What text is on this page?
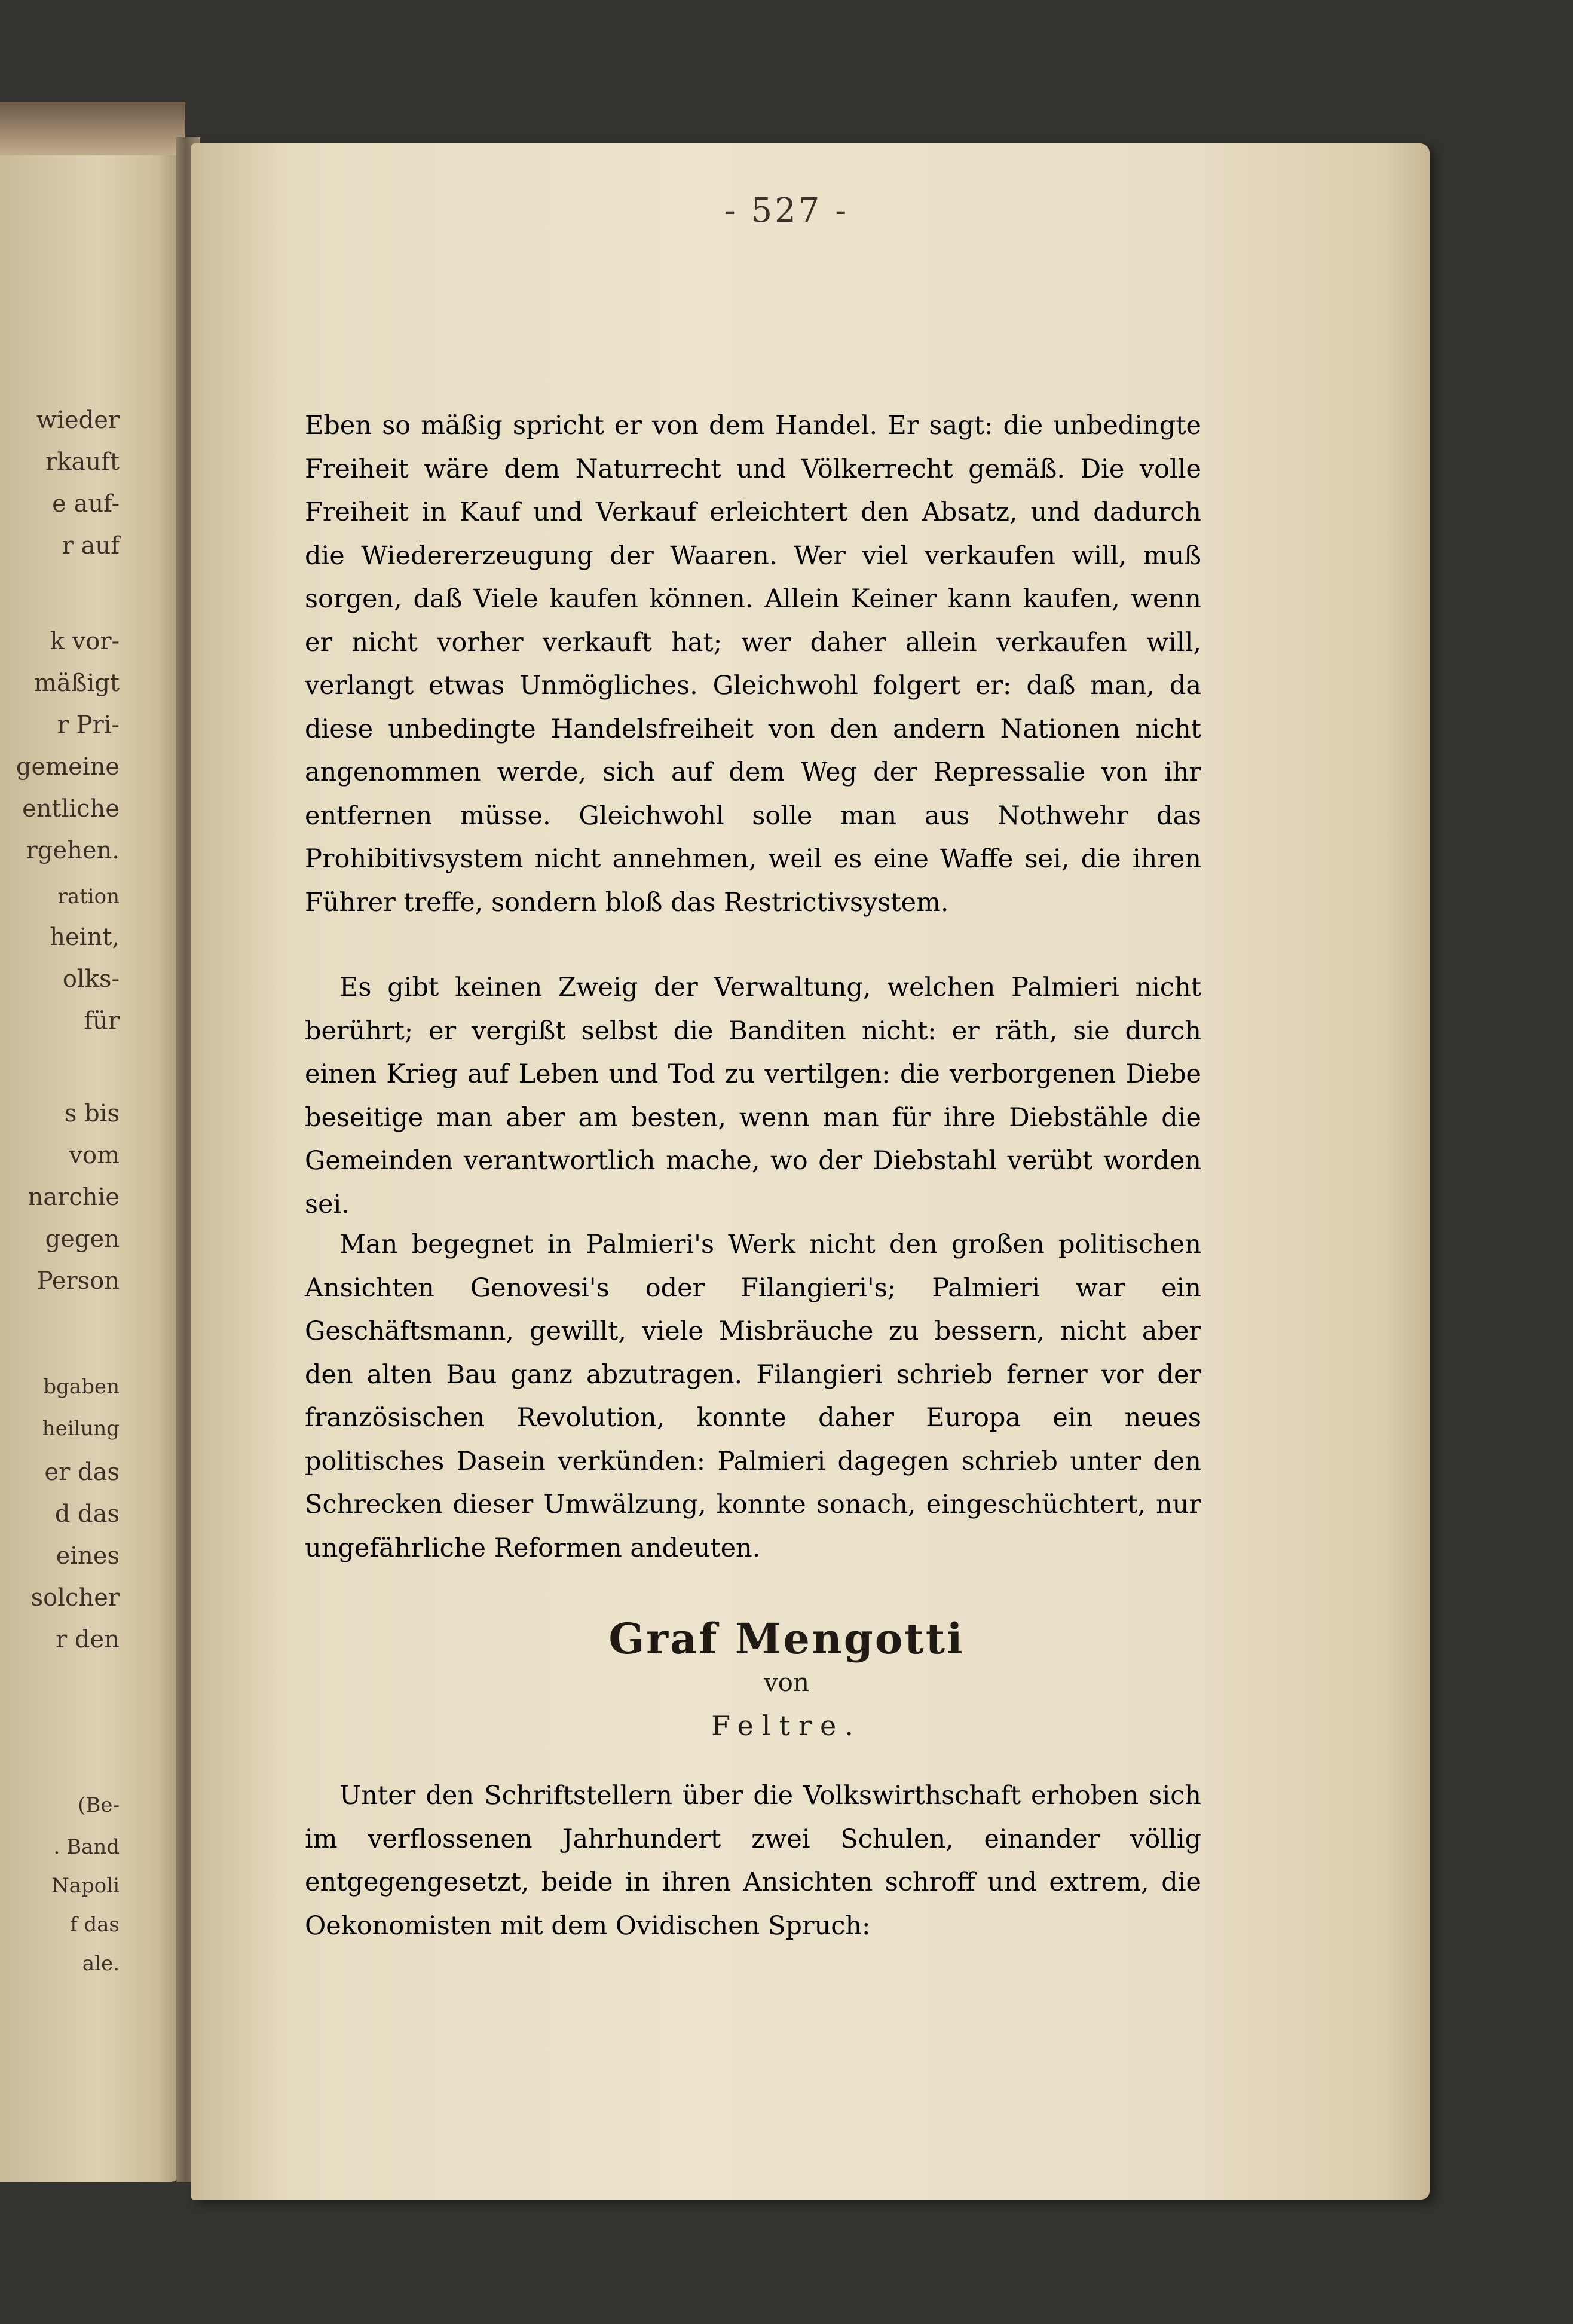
wieder
rkauft
e auf-
r auf
k vor-
mäßigt
r Pri-
gemeine
entliche
rgehen.
ration
heint,
olks-
für
s bis
vom
narchie
gegen
Person
bgaben
heilung
er das
d das
eines
solcher
r den
(Be-
. Band
Napoli
f das
ale.
- 527 -

Eben so mäßig spricht er von dem Handel. Er sagt: die unbedingte Freiheit wäre dem Naturrecht und Völkerrecht gemäß. Die volle Freiheit in Kauf und Verkauf erleichtert den Absatz, und dadurch die Wiedererzeugung der Waaren. Wer viel verkaufen will, muß sorgen, daß Viele kaufen können. Allein Keiner kann kaufen, wenn er nicht vorher verkauft hat; wer daher allein verkaufen will, verlangt etwas Unmögliches. Gleichwohl folgert er: daß man, da diese unbedingte Handelsfreiheit von den andern Nationen nicht angenommen werde, sich auf dem Weg der Repressalie von ihr entfernen müsse. Gleichwohl solle man aus Nothwehr das Prohibitivsystem nicht annehmen, weil es eine Waffe sei, die ihren Führer treffe, sondern bloß das Restrictivsystem.

Es gibt keinen Zweig der Verwaltung, welchen Palmieri nicht berührt; er vergißt selbst die Banditen nicht: er räth, sie durch einen Krieg auf Leben und Tod zu vertilgen: die verborgenen Diebe beseitige man aber am besten, wenn man für ihre Diebstähle die Gemeinden verantwortlich mache, wo der Diebstahl verübt worden sei.

Man begegnet in Palmieri's Werk nicht den großen politischen Ansichten Genovesi's oder Filangieri's; Palmieri war ein Geschäftsmann, gewillt, viele Misbräuche zu bessern, nicht aber den alten Bau ganz abzutragen. Filangieri schrieb ferner vor der französischen Revolution, konnte daher Europa ein neues politisches Dasein verkünden: Palmieri dagegen schrieb unter den Schrecken dieser Umwälzung, konnte sonach, eingeschüchtert, nur ungefährliche Reformen andeuten.

Graf Mengotti
von
Feltre.

Unter den Schriftstellern über die Volkswirthschaft erhoben sich im verflossenen Jahrhundert zwei Schulen, einander völlig entgegengesetzt, beide in ihren Ansichten schroff und extrem, die Oekonomisten mit dem Ovidischen Spruch:
